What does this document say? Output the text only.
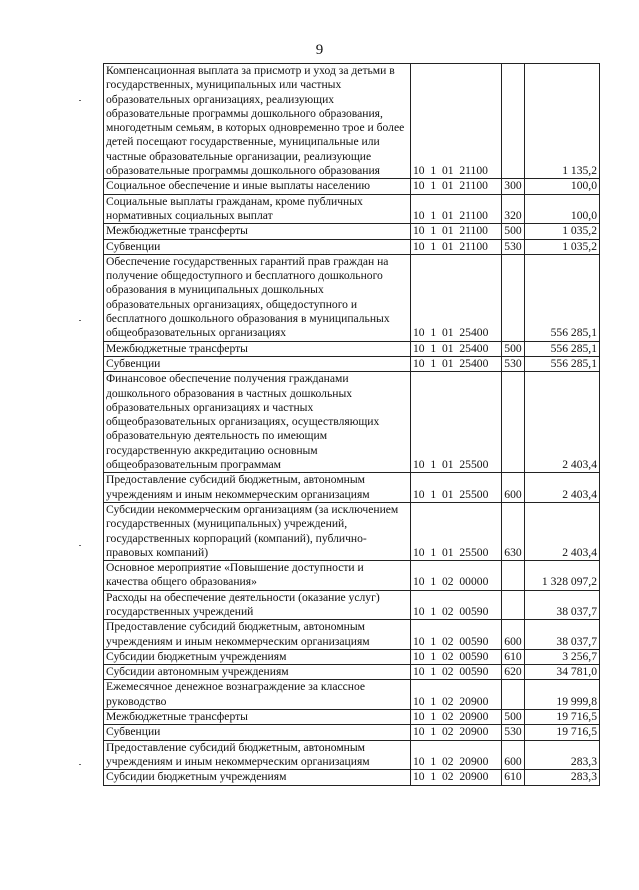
9
Компенсационная выплата за присмотр и уход за детьми в государственных, муниципальных или частных образовательных организациях, реализующих образовательные программы дошкольного образования, многодетным семьям, в которых одновременно трое и более детей посещают государственные, муниципальные или частные образовательные организации, реализующие образовательные программы дошкольного образования	10  1  01  21100		1 135,2
Социальное обеспечение и иные выплаты населению	10  1  01  21100	300	100,0
Социальные выплаты гражданам, кроме публичных нормативных социальных выплат	10  1  01  21100	320	100,0
Межбюджетные трансферты	10  1  01  21100	500	1 035,2
Субвенции	10  1  01  21100	530	1 035,2
Обеспечение государственных гарантий прав граждан на получение общедоступного и бесплатного дошкольного образования в муниципальных дошкольных образовательных организациях, общедоступного и бесплатного дошкольного образования в муниципальных общеобразовательных организациях	10  1  01  25400		556 285,1
Межбюджетные трансферты	10  1  01  25400	500	556 285,1
Субвенции	10  1  01  25400	530	556 285,1
Финансовое обеспечение получения гражданами дошкольного образования в частных дошкольных образовательных организациях и частных общеобразовательных организациях, осуществляющих образовательную деятельность по имеющим государственную аккредитацию основным общеобразовательным программам	10  1  01  25500		2 403,4
Предоставление субсидий бюджетным, автономным учреждениям и иным некоммерческим организациям	10  1  01  25500	600	2 403,4
Субсидии некоммерческим организациям (за исключением государственных (муниципальных) учреждений, государственных корпораций (компаний), публично-правовых компаний)	10  1  01  25500	630	2 403,4
Основное мероприятие «Повышение доступности и качества общего образования»	10  1  02  00000		1 328 097,2
Расходы на обеспечение деятельности (оказание услуг) государственных учреждений	10  1  02  00590		38 037,7
Предоставление субсидий бюджетным, автономным учреждениям и иным некоммерческим организациям	10  1  02  00590	600	38 037,7
Субсидии бюджетным учреждениям	10  1  02  00590	610	3 256,7
Субсидии автономным учреждениям	10  1  02  00590	620	34 781,0
Ежемесячное денежное вознаграждение за классное руководство	10  1  02  20900		19 999,8
Межбюджетные трансферты	10  1  02  20900	500	19 716,5
Субвенции	10  1  02  20900	530	19 716,5
Предоставление субсидий бюджетным, автономным учреждениям и иным некоммерческим организациям	10  1  02  20900	600	283,3
Субсидии бюджетным учреждениям	10  1  02  20900	610	283,3
